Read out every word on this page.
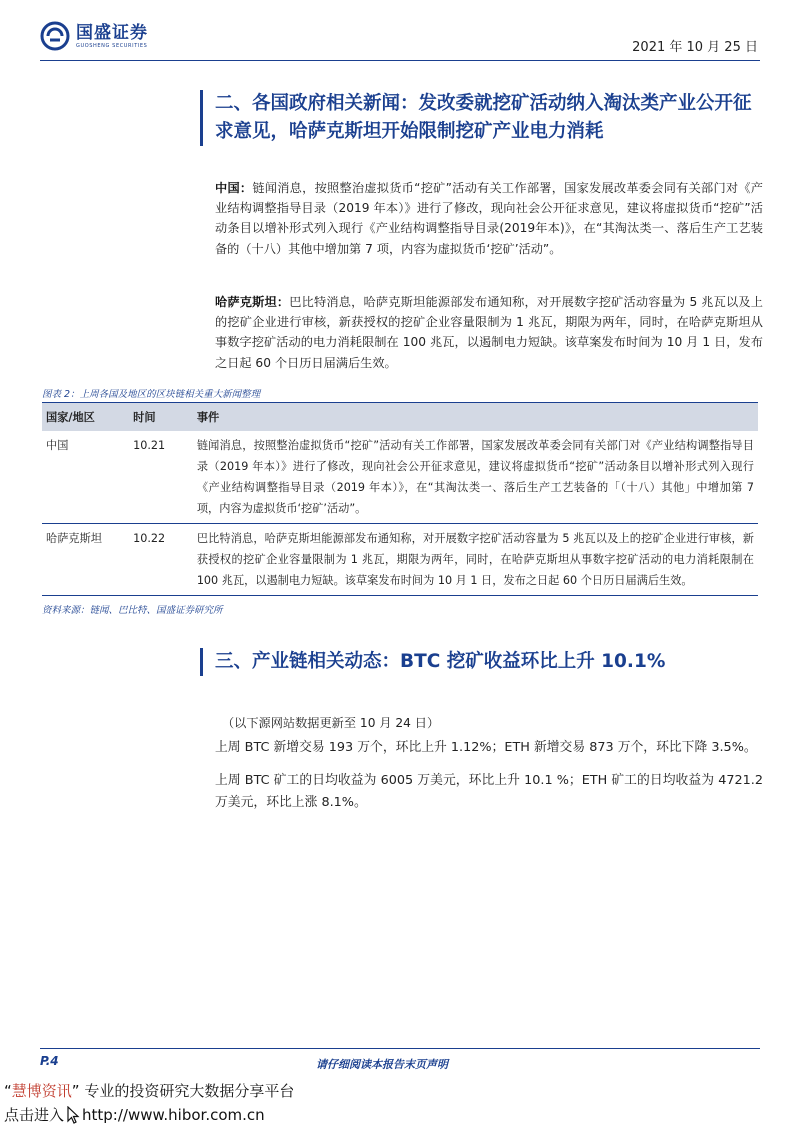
国盛证券
GUOSHENG SECURITIES	2021 年 10 月 25 日
二、各国政府相关新闻：发改委就挖矿活动纳入淘汰类产业公开征求意见，哈萨克斯坦开始限制挖矿产业电力消耗
中国：链闻消息，按照整治虚拟货币“挖矿”活动有关工作部署，国家发展改革委会同有关部门对《产业结构调整指导目录（2019 年本）》进行了修改，现向社会公开征求意见，建议将虚拟货币“挖矿”活动条目以增补形式列入现行《产业结构调整指导目录(2019年本)》，在“其淘汰类一、落后生产工艺装备的（十八）其他中增加第 7 项，内容为虚拟货币‘挖矿’活动”。
哈萨克斯坦：巴比特消息，哈萨克斯坦能源部发布通知称，对开展数字挖矿活动容量为 5 兆瓦以及上的挖矿企业进行审核，新获授权的挖矿企业容量限制为 1 兆瓦，期限为两年，同时，在哈萨克斯坦从事数字挖矿活动的电力消耗限制在 100 兆瓦，以遏制电力短缺。该草案发布时间为 10 月 1 日，发布之日起 60 个日历日届满后生效。
图表 2：上周各国及地区的区块链相关重大新闻整理
国家/地区	时间	事件
中国	10.21	链闻消息，按照整治虚拟货币“挖矿”活动有关工作部署，国家发展改革委会同有关部门对《产业结构调整指导目录（2019 年本）》进行了修改，现向社会公开征求意见，建议将虚拟货币“挖矿”活动条目以增补形式列入现行《产业结构调整指导目录（2019 年本）》，在“其淘汰类一、落后生产工艺装备的「（十八）其他」中增加第 7 项，内容为虚拟货币‘挖矿’活动”。
哈萨克斯坦	10.22	巴比特消息，哈萨克斯坦能源部发布通知称，对开展数字挖矿活动容量为 5 兆瓦以及上的挖矿企业进行审核，新获授权的挖矿企业容量限制为 1 兆瓦，期限为两年，同时，在哈萨克斯坦从事数字挖矿活动的电力消耗限制在 100 兆瓦，以遏制电力短缺。该草案发布时间为 10 月 1 日，发布之日起 60 个日历日届满后生效。
资料来源：链闻、巴比特、国盛证券研究所
三、产业链相关动态：BTC 挖矿收益环比上升 10.1%
（以下源网站数据更新至 10 月 24 日）
上周 BTC 新增交易 193 万个，环比上升 1.12%；ETH 新增交易 873 万个，环比下降 3.5%。
上周 BTC 矿工的日均收益为 6005 万美元，环比上升 10.1 %；ETH 矿工的日均收益为 4721.2 万美元，环比上涨 8.1%。
P.4	请仔细阅读本报告末页声明
“慧博资讯” 专业的投资研究大数据分享平台
点击进入 http://www.hibor.com.cn
